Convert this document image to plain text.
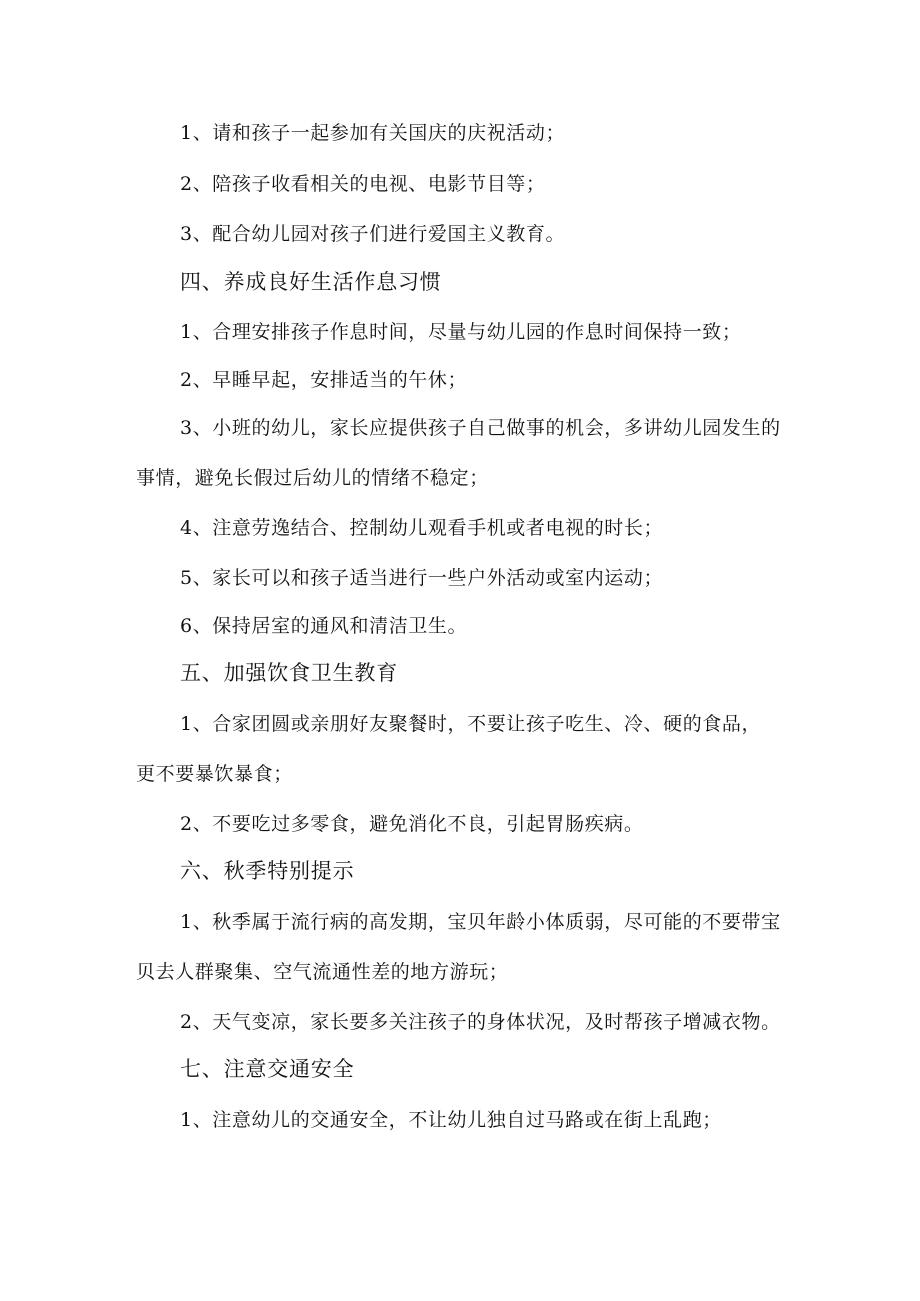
1、请和孩子一起参加有关国庆的庆祝活动；
2、陪孩子收看相关的电视、电影节目等；
3、配合幼儿园对孩子们进行爱国主义教育。
四、养成良好生活作息习惯
1、合理安排孩子作息时间，尽量与幼儿园的作息时间保持一致；
2、早睡早起，安排适当的午休；
3、小班的幼儿，家长应提供孩子自己做事的机会，多讲幼儿园发生的
事情，避免长假过后幼儿的情绪不稳定；
4、注意劳逸结合、控制幼儿观看手机或者电视的时长；
5、家长可以和孩子适当进行一些户外活动或室内运动；
6、保持居室的通风和清洁卫生。
五、加强饮食卫生教育
1、合家团圆或亲朋好友聚餐时，不要让孩子吃生、冷、硬的食品，
更不要暴饮暴食；
2、不要吃过多零食，避免消化不良，引起胃肠疾病。
六、秋季特别提示
1、秋季属于流行病的高发期，宝贝年龄小体质弱，尽可能的不要带宝
贝去人群聚集、空气流通性差的地方游玩；
2、天气变凉，家长要多关注孩子的身体状况，及时帮孩子增减衣物。
七、注意交通安全
1、注意幼儿的交通安全，不让幼儿独自过马路或在街上乱跑；
